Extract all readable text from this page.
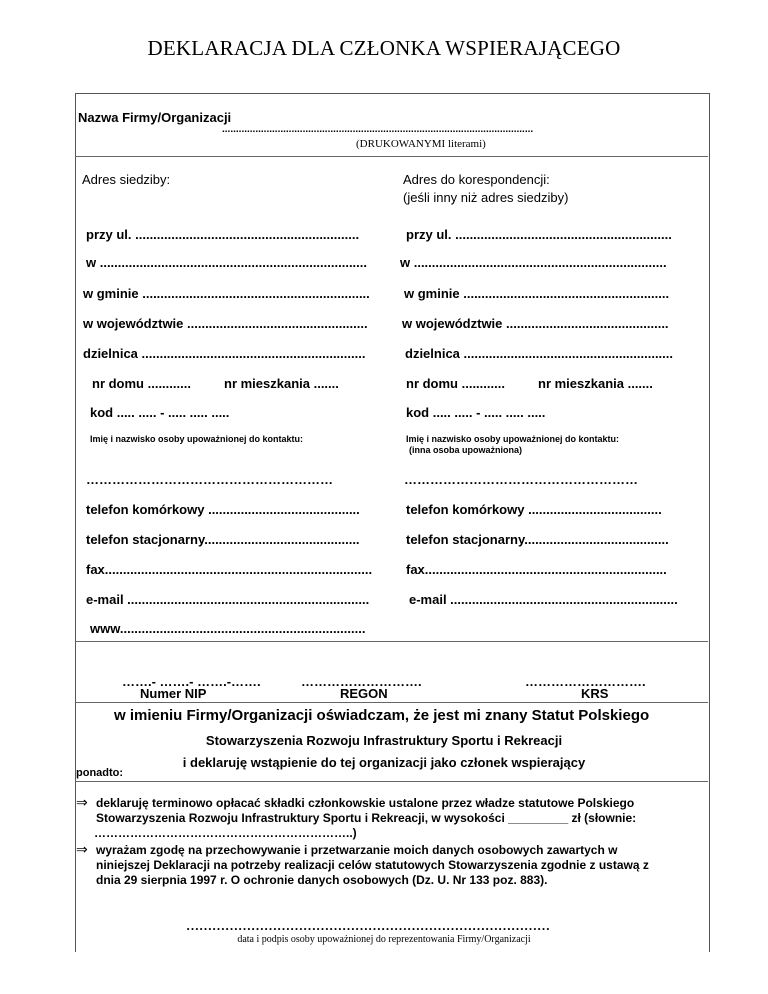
DEKLARACJA DLA CZŁONKA WSPIERAJĄCEGO
Nazwa Firmy/Organizacji
................................................................................................................
(DRUKOWANYMI literami)
Adres siedziby:	Adres do korespondencji:
(jeśli inny niż adres siedziby)
przy ul. ..............................................................	przy ul. ............................................................
w ..........................................................................	w ......................................................................
w gminie ...............................................................	w gminie .........................................................
w województwie ..................................................	w województwie .............................................
dzielnica ..............................................................	dzielnica ..........................................................
nr domu ............	nr mieszkania .......	nr domu ............	nr mieszkania .......
kod ..... ..... - ..... ..... .....	kod ..... ..... - ..... ..... .....
Imię i nazwisko osoby upoważnionej do kontaktu:	Imię i nazwisko osoby upoważnionej do kontaktu:
(inna osoba upoważniona)
…………………………………………………	………………………………………………
telefon komórkowy ..........................................	telefon komórkowy .....................................
telefon stacjonarny...........................................	telefon stacjonarny........................................
fax..........................................................................	fax...................................................................
e-mail ...................................................................	e-mail ...............................................................
www....................................................................
…….- …….- …….-…….	……………………….	……………………….
Numer NIP	REGON	KRS
w imieniu Firmy/Organizacji oświadczam, że jest mi znany Statut Polskiego
Stowarzyszenia Rozwoju Infrastruktury Sportu i Rekreacji
i deklaruję wstąpienie do tej organizacji jako członek wspierający
ponadto:
⇒ deklaruję terminowo opłacać składki członkowskie ustalone przez władze statutowe Polskiego
Stowarzyszenia Rozwoju Infrastruktury Sportu i Rekreacji, w wysokości _________ zł (słownie:
………………………………………………………..)
⇒ wyrażam zgodę na przechowywanie i przetwarzanie moich danych osobowych zawartych w
niniejszej Deklaracji na potrzeby realizacji celów statutowych Stowarzyszenia zgodnie z ustawą z
dnia 29 sierpnia 1997 r. O ochronie danych osobowych (Dz. U. Nr 133 poz. 883).
…………………………………………………………………………
data i podpis osoby upoważnionej do reprezentowania Firmy/Organizacji
